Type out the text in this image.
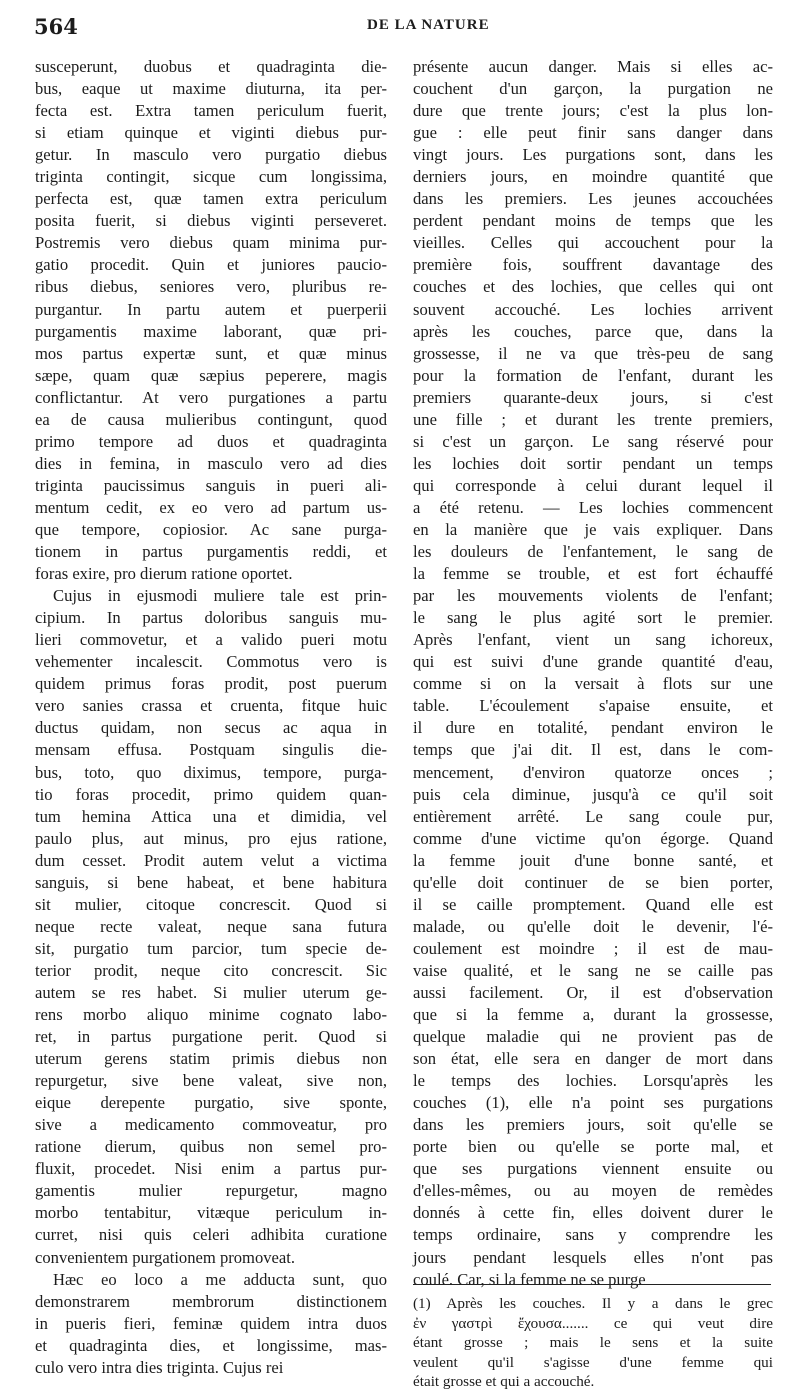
564	DE LA NATURE

susceperunt, duobus et quadraginta die-

bus, eaque ut maxime diuturna, ita per-

fecta est. Extra tamen periculum fuerit,

si etiam quinque et viginti diebus pur-

getur. In masculo vero purgatio diebus

triginta contingit, sicque cum longissima,

perfecta est, quæ tamen extra periculum

posita fuerit, si diebus viginti perseveret.

Postremis vero diebus quam minima pur-

gatio procedit. Quin et juniores paucio-

ribus diebus, seniores vero, pluribus re-

purgantur. In partu autem et puerperii

purgamentis maxime laborant, quæ pri-

mos partus expertæ sunt, et quæ minus

sæpe, quam quæ sæpius peperere, magis

conflictantur. At vero purgationes a partu

ea de causa mulieribus contingunt, quod

primo tempore ad duos et quadraginta

dies in femina, in masculo vero ad dies

triginta paucissimus sanguis in pueri ali-

mentum cedit, ex eo vero ad partum us-

que tempore, copiosior. Ac sane purga-

tionem in partus purgamentis reddi, et

foras exire, pro dierum ratione oportet.

Cujus in ejusmodi muliere tale est prin-

cipium. In partus doloribus sanguis mu-

lieri commovetur, et a valido pueri motu

vehementer incalescit. Commotus vero is

quidem primus foras prodit, post puerum

vero sanies crassa et cruenta, fitque huic

ductus quidam, non secus ac aqua in

mensam effusa. Postquam singulis die-

bus, toto, quo diximus, tempore, purga-

tio foras procedit, primo quidem quan-

tum hemina Attica una et dimidia, vel

paulo plus, aut minus, pro ejus ratione,

dum cesset. Prodit autem velut a victima

sanguis, si bene habeat, et bene habitura

sit mulier, citoque concrescit. Quod si

neque recte valeat, neque sana futura

sit, purgatio tum parcior, tum specie de-

terior prodit, neque cito concrescit. Sic

autem se res habet. Si mulier uterum ge-

rens morbo aliquo minime cognato labo-

ret, in partus purgatione perit. Quod si

uterum gerens statim primis diebus non

repurgetur, sive bene valeat, sive non,

eique derepente purgatio, sive sponte,

sive a medicamento commoveatur, pro

ratione dierum, quibus non semel pro-

fluxit, procedet. Nisi enim a partus pur-

gamentis mulier repurgetur, magno

morbo tentabitur, vitæque periculum in-

curret, nisi quis celeri adhibita curatione

convenientem purgationem promoveat.

Hæc eo loco a me adducta sunt, quo

demonstrarem membrorum distinctionem

in pueris fieri, feminæ quidem intra duos

et quadraginta dies, et longissime, mas-

culo vero intra dies triginta. Cujus rei

présente aucun danger. Mais si elles ac-

couchent d'un garçon, la purgation ne

dure que trente jours; c'est la plus lon-

gue : elle peut finir sans danger dans

vingt jours. Les purgations sont, dans les

derniers jours, en moindre quantité que

dans les premiers. Les jeunes accouchées

perdent pendant moins de temps que les

vieilles. Celles qui accouchent pour la

première fois, souffrent davantage des

couches et des lochies, que celles qui ont

souvent accouché. Les lochies arrivent

après les couches, parce que, dans la

grossesse, il ne va que très-peu de sang

pour la formation de l'enfant, durant les

premiers quarante-deux jours, si c'est

une fille ; et durant les trente premiers,

si c'est un garçon. Le sang réservé pour

les lochies doit sortir pendant un temps

qui corresponde à celui durant lequel il

a été retenu. — Les lochies commencent

en la manière que je vais expliquer. Dans

les douleurs de l'enfantement, le sang de

la femme se trouble, et est fort échauffé

par les mouvements violents de l'enfant;

le sang le plus agité sort le premier.

Après l'enfant, vient un sang ichoreux,

qui est suivi d'une grande quantité d'eau,

comme si on la versait à flots sur une

table. L'écoulement s'apaise ensuite, et

il dure en totalité, pendant environ le

temps que j'ai dit. Il est, dans le com-

mencement, d'environ quatorze onces ;

puis cela diminue, jusqu'à ce qu'il soit

entièrement arrêté. Le sang coule pur,

comme d'une victime qu'on égorge. Quand

la femme jouit d'une bonne santé, et

qu'elle doit continuer de se bien porter,

il se caille promptement. Quand elle est

malade, ou qu'elle doit le devenir, l'é-

coulement est moindre ; il est de mau-

vaise qualité, et le sang ne se caille pas

aussi facilement. Or, il est d'observation

que si la femme a, durant la grossesse,

quelque maladie qui ne provient pas de

son état, elle sera en danger de mort dans

le temps des lochies. Lorsqu'après les

couches (1), elle n'a point ses purgations

dans les premiers jours, soit qu'elle se

porte bien ou qu'elle se porte mal, et

que ses purgations viennent ensuite ou

d'elles-mêmes, ou au moyen de remèdes

donnés à cette fin, elles doivent durer le

temps ordinaire, sans y comprendre les

jours pendant lesquels elles n'ont pas

coulé. Car, si la femme ne se purge

(1) Après les couches. Il y a dans le grec

ἐν γαστρὶ ἔχουσα....... ce qui veut dire

étant grosse ; mais le sens et la suite

veulent qu'il s'agisse d'une femme qui

était grosse et qui a accouché.
